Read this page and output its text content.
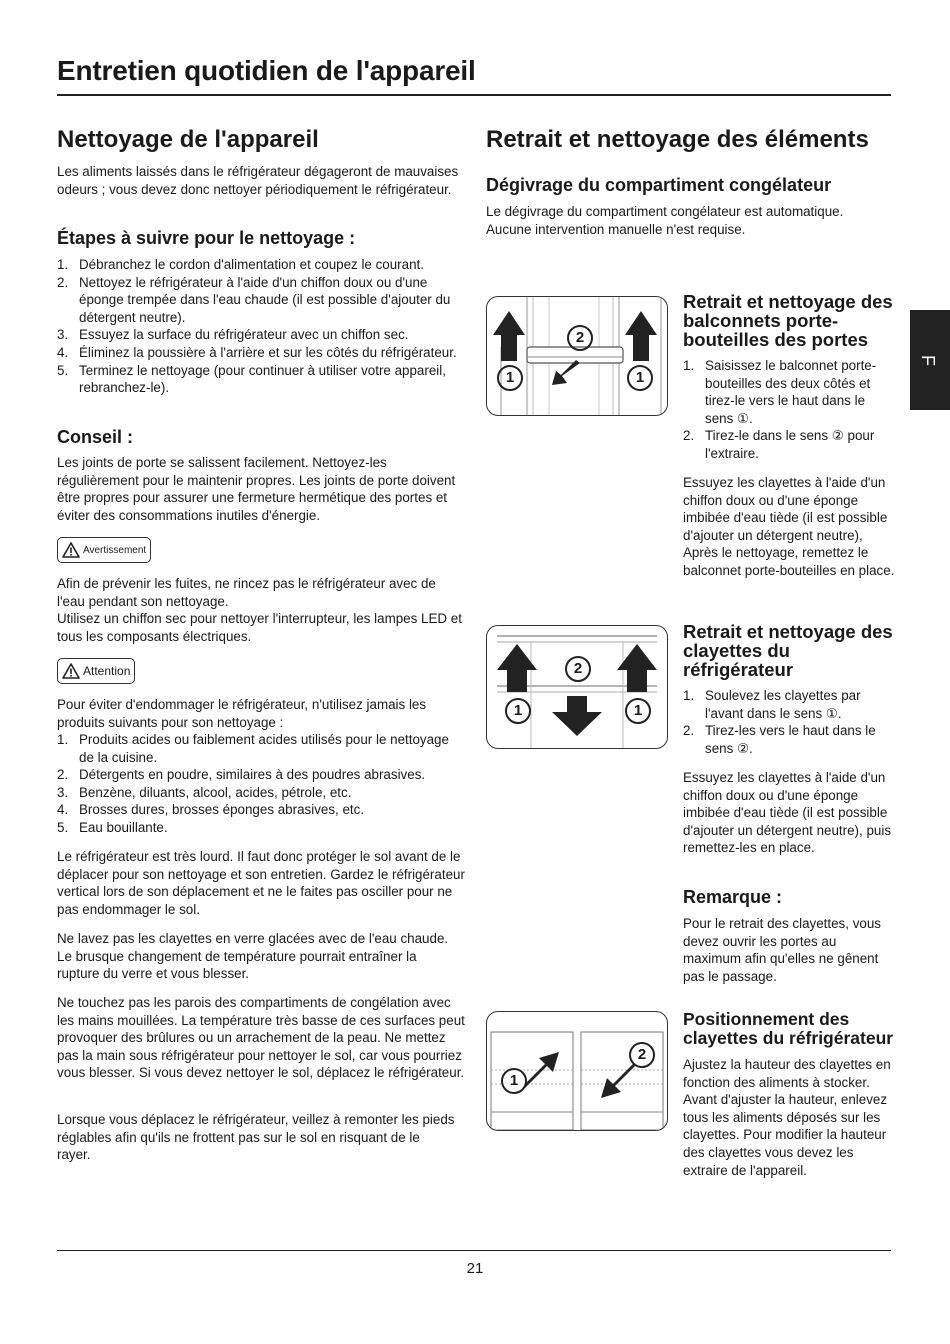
Entretien quotidien de l'appareil
F
Nettoyage de l'appareil

Les aliments laissés dans le réfrigérateur dégageront de mauvaises odeurs ; vous devez donc nettoyer périodiquement le réfrigérateur.

Étapes à suivre pour le nettoyage :
1. Débranchez le cordon d'alimentation et coupez le courant.
2. Nettoyez le réfrigérateur à l'aide d'un chiffon doux ou d'une éponge trempée dans l'eau chaude (il est possible d'ajouter du détergent neutre).
3. Essuyez la surface du réfrigérateur avec un chiffon sec.
4. Éliminez la poussière à l'arrière et sur les côtés du réfrigérateur.
5. Terminez le nettoyage (pour continuer à utiliser votre appareil, rebranchez-le).
Conseil :

Les joints de porte se salissent facilement. Nettoyez-les régulièrement pour le maintenir propres. Les joints de porte doivent être propres pour assurer une fermeture hermétique des portes et éviter des consommations inutiles d'énergie.

Avertissement

Afin de prévenir les fuites, ne rincez pas le réfrigérateur avec de l'eau pendant son nettoyage.
Utilisez un chiffon sec pour nettoyer l'interrupteur, les lampes LED et tous les composants électriques.

Attention

Pour éviter d'endommager le réfrigérateur, n'utilisez jamais les produits suivants pour son nettoyage :

1. Produits acides ou faiblement acides utilisés pour le nettoyage de la cuisine.
2. Détergents en poudre, similaires à des poudres abrasives.
3. Benzène, diluants, alcool, acides, pétrole, etc.
4. Brosses dures, brosses éponges abrasives, etc.
5. Eau bouillante.

Le réfrigérateur est très lourd. Il faut donc protéger le sol avant de le déplacer pour son nettoyage et son entretien. Gardez le réfrigérateur vertical lors de son déplacement et ne le faites pas osciller pour ne pas endommager le sol.

Ne lavez pas les clayettes en verre glacées avec de l'eau chaude. Le brusque changement de température pourrait entraîner la rupture du verre et vous blesser.

Ne touchez pas les parois des compartiments de congélation avec les mains mouillées. La température très basse de ces surfaces peut provoquer des brûlures ou un arrachement de la peau. Ne mettez pas la main sous réfrigérateur pour nettoyer le sol, car vous pourriez vous blesser. Si vous devez nettoyer le sol, déplacez le réfrigérateur.

Lorsque vous déplacez le réfrigérateur, veillez à remonter les pieds réglables afin qu'ils ne frottent pas sur le sol en risquant de le rayer.

Retrait et nettoyage des éléments
Dégivrage du compartiment congélateur

Le dégivrage du compartiment congélateur est automatique. Aucune intervention manuelle n'est requise.

1	1
2
Retrait et nettoyage des balconnets porte-bouteilles des portes
1. Saisissez le balconnet porte-bouteilles des deux côtés et tirez-le vers le haut dans le sens ①.
2. Tirez-le dans le sens ② pour l'extraire.

Essuyez les clayettes à l'aide d'un chiffon doux ou d'une éponge imbibée d'eau tiède (il est possible d'ajouter un détergent neutre), Après le nettoyage, remettez le balconnet porte-bouteilles en place.

1	1
2
Retrait et nettoyage des clayettes du réfrigérateur
1. Soulevez les clayettes par l'avant dans le sens ①.
2. Tirez-les vers le haut dans le sens ②.

Essuyez les clayettes à l'aide d'un chiffon doux ou d'une éponge imbibée d'eau tiède (il est possible d'ajouter un détergent neutre), puis remettez-les en place.

Remarque :

Pour le retrait des clayettes, vous devez ouvrir les portes au maximum afin qu'elles ne gênent pas le passage.

1
2
Positionnement des clayettes du réfrigérateur

Ajustez la hauteur des clayettes en fonction des aliments à stocker.
Avant d'ajuster la hauteur, enlevez tous les aliments déposés sur les clayettes. Pour modifier la hauteur des clayettes vous devez les extraire de l'appareil.

21
